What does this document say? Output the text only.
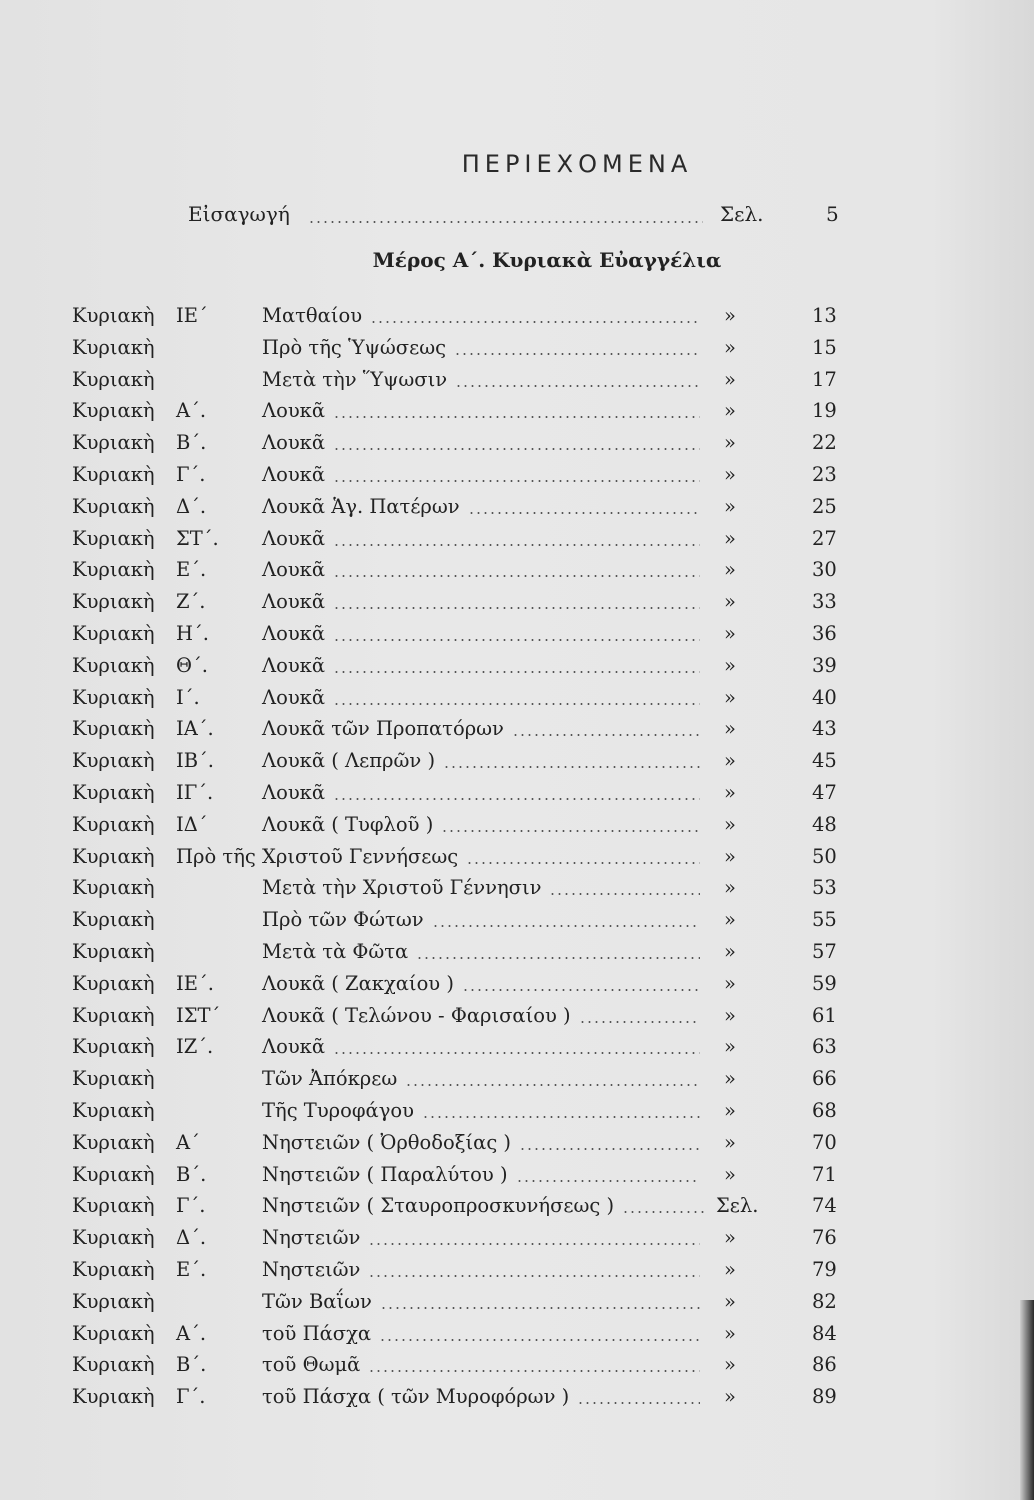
ΠΕΡΙΕΧΟΜΕΝΑ
Εἰσαγωγή	Σελ.	5
Μέρος Α΄. Κυριακὰ Εὐαγγέλια
Κυριακὴ ΙΕ΄	Ματθαίου	»	13
Κυριακὴ	Πρὸ τῆς Ὑψώσεως	»	15
Κυριακὴ	Μετὰ τὴν Ὕψωσιν	»	17
Κυριακὴ Α΄.	Λουκᾶ	»	19
Κυριακὴ Β΄.	Λουκᾶ	»	22
Κυριακὴ Γ΄.	Λουκᾶ	»	23
Κυριακὴ Δ΄.	Λουκᾶ Ἁγ. Πατέρων	»	25
Κυριακὴ ΣΤ΄. Λουκᾶ	»	27
Κυριακὴ Ε΄.	Λουκᾶ	»	30
Κυριακὴ Ζ΄.	Λουκᾶ	»	33
Κυριακὴ Η΄.	Λουκᾶ	»	36
Κυριακὴ Θ΄.	Λουκᾶ	»	39
Κυριακὴ Ι΄.	Λουκᾶ	»	40
Κυριακὴ ΙΑ΄. Λουκᾶ τῶν Προπατόρων	»	43
Κυριακὴ ΙΒ΄. Λουκᾶ ( Λεπρῶν )	»	45
Κυριακὴ ΙΓ΄.	Λουκᾶ	»	47
Κυριακὴ ΙΔ΄	Λουκᾶ ( Τυφλοῦ )	»	48
Κυριακὴ Πρὸ τῆς Χριστοῦ Γεννήσεως	»	50
Κυριακὴ	Μετὰ τὴν Χριστοῦ Γέννησιν	»	53
Κυριακὴ	Πρὸ τῶν Φώτων	»	55
Κυριακὴ	Μετὰ τὰ Φῶτα	»	57
Κυριακὴ ΙΕ΄. Λουκᾶ ( Ζακχαίου )	»	59
Κυριακὴ ΙΣΤ΄ Λουκᾶ ( Τελώνου - Φαρισαίου )	»	61
Κυριακὴ ΙΖ΄.	Λουκᾶ	»	63
Κυριακὴ	Τῶν Ἀπόκρεω	»	66
Κυριακὴ	Τῆς Τυροφάγου	»	68
Κυριακὴ Α΄	Νηστειῶν ( Ὀρθοδοξίας )	»	70
Κυριακὴ Β΄.	Νηστειῶν ( Παραλύτου )	»	71
Κυριακὴ Γ΄.	Νηστειῶν ( Σταυροπροσκυνήσεως )	Σελ.	74
Κυριακὴ Δ΄.	Νηστειῶν	»	76
Κυριακὴ Ε΄.	Νηστειῶν	»	79
Κυριακὴ	Τῶν Βαΐων	»	82
Κυριακὴ Α΄.	τοῦ Πάσχα	»	84
Κυριακὴ Β΄.	τοῦ Θωμᾶ	»	86
Κυριακὴ Γ΄.	τοῦ Πάσχα ( τῶν Μυροφόρων )	»	89
